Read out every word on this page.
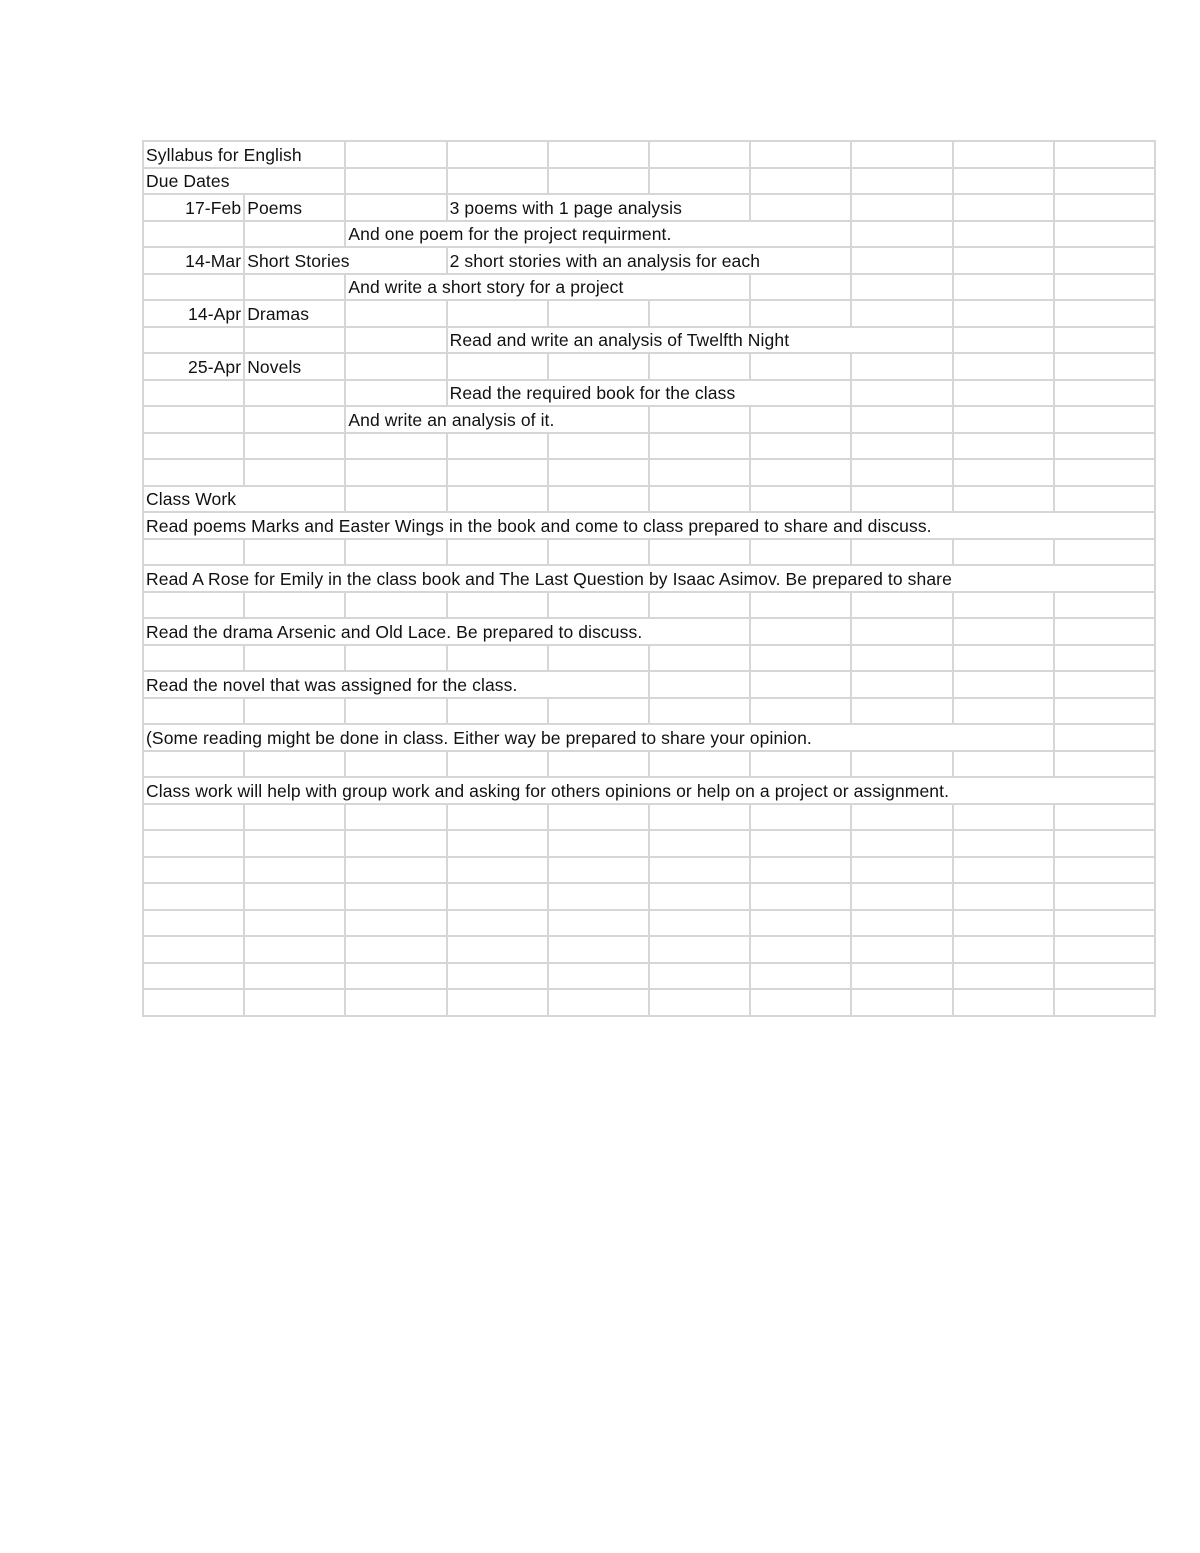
Syllabus for English									
Due Dates									
17-Feb	Poems		3 poems with 1 page analysis						
		And one poem for the project requirment.							
14-Mar	Short Stories		2 short stories with an analysis for each						
		And write a short story for a project							
14-Apr	Dramas								
			Read and write an analysis of Twelfth Night						
25-Apr	Novels								
			Read the required book for the class						
		And write an analysis of it.							

Class Work									
Read poems Marks and Easter Wings in the book and come to class prepared to share and discuss.									

Read A Rose for Emily in the class book and The Last Question by Isaac Asimov. Be prepared to share									

Read the drama Arsenic and Old Lace. Be prepared to discuss.									

Read the novel that was assigned for the class.									

(Some reading might be done in class. Either way be prepared to share your opinion.									

Class work will help with group work and asking for others opinions or help on a project or assignment.									
